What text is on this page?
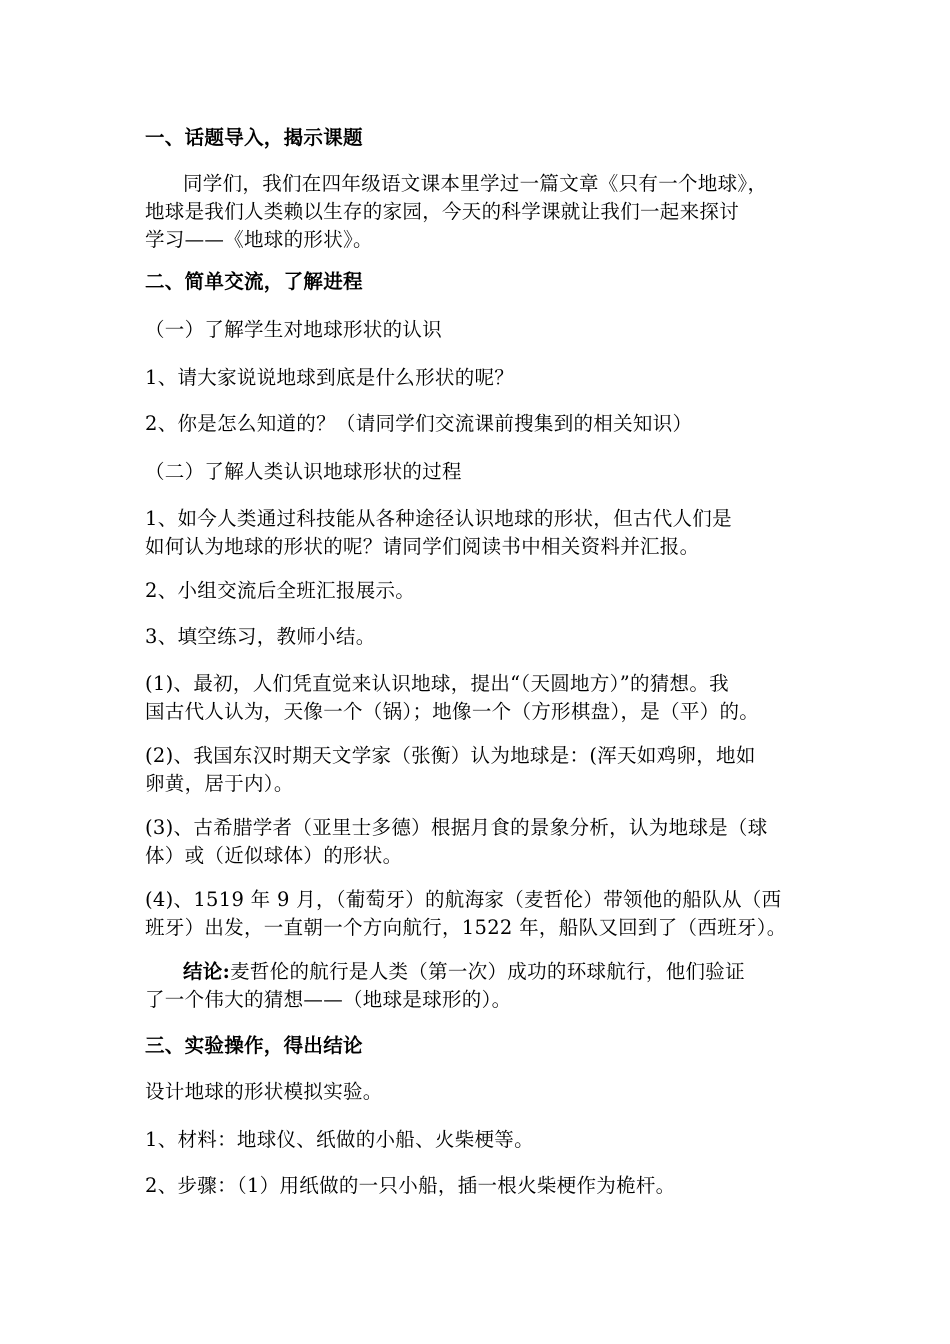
一、话题导入，揭示课题
同学们，我们在四年级语文课本里学过一篇文章《只有一个地球》，
地球是我们人类赖以生存的家园，今天的科学课就让我们一起来探讨
学习——《地球的形状》。
二、简单交流，了解进程
（一）了解学生对地球形状的认识
1、请大家说说地球到底是什么形状的呢？
2、你是怎么知道的？（请同学们交流课前搜集到的相关知识）
（二）了解人类认识地球形状的过程
1、如今人类通过科技能从各种途径认识地球的形状，但古代人们是
如何认为地球的形状的呢？请同学们阅读书中相关资料并汇报。
2、小组交流后全班汇报展示。
3、填空练习，教师小结。
(1)、最初，人们凭直觉来认识地球，提出“（天圆地方）”的猜想。我
国古代人认为，天像一个（锅）；地像一个（方形棋盘），是（平）的。
(2)、我国东汉时期天文学家（张衡）认为地球是：(浑天如鸡卵，地如
卵黄，居于内）。
(3)、古希腊学者（亚里士多德）根据月食的景象分析，认为地球是（球
体）或（近似球体）的形状。
(4)、1519 年 9 月，（葡萄牙）的航海家（麦哲伦）带领他的船队从（西
班牙）出发，一直朝一个方向航行，1522 年，船队又回到了（西班牙）。
结论:麦哲伦的航行是人类（第一次）成功的环球航行，他们验证
了一个伟大的猜想——（地球是球形的）。
三、实验操作，得出结论
设计地球的形状模拟实验。
1、材料：地球仪、纸做的小船、火柴梗等。
2、步骤：（1）用纸做的一只小船，插一根火柴梗作为桅杆。
